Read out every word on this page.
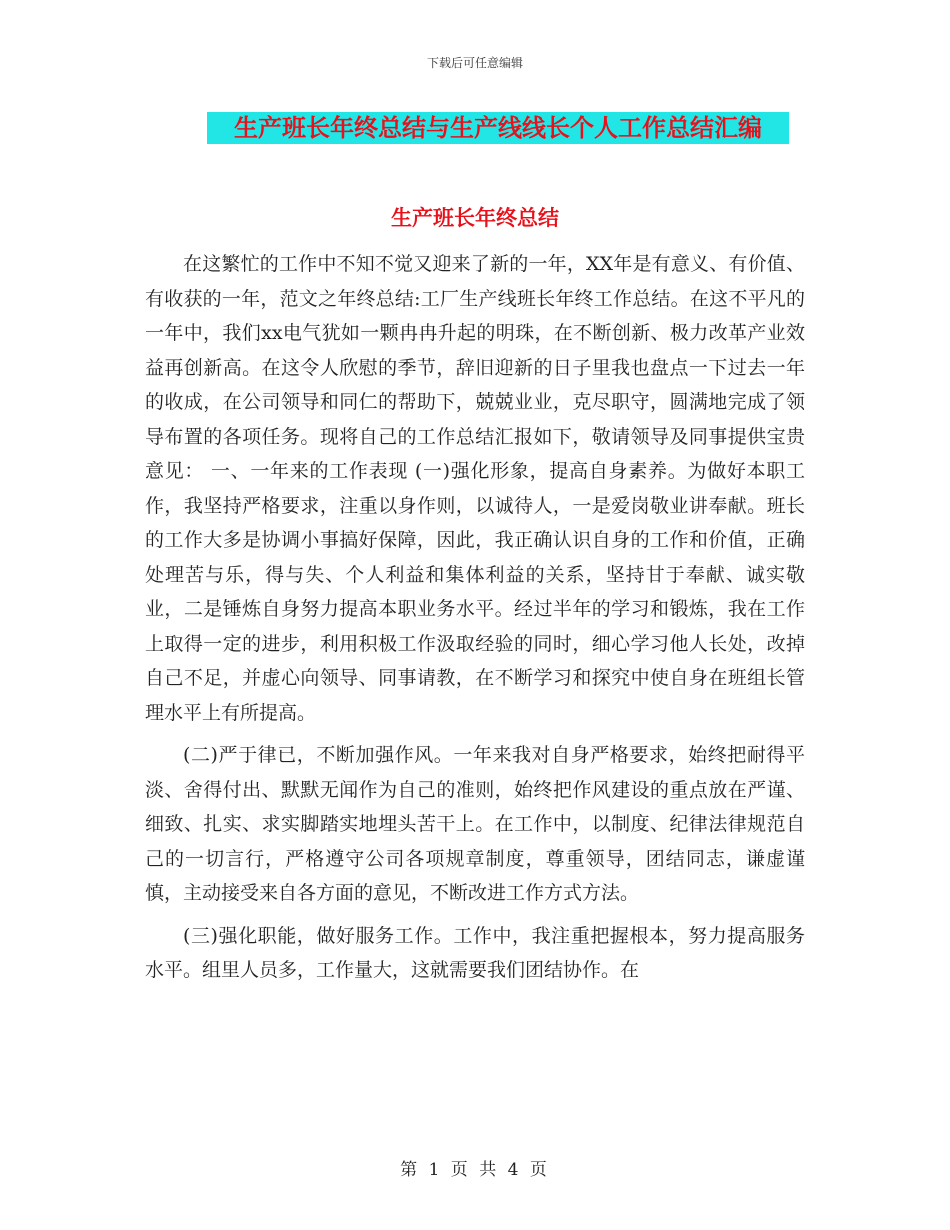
下载后可任意编辑
生产班长年终总结与生产线线长个人工作总结汇编
生产班长年终总结

在这繁忙的工作中不知不觉又迎来了新的一年，XX年是有意义、有价值、有收获的一年，范文之年终总结:工厂生产线班长年终工作总结。在这不平凡的一年中，我们xx电气犹如一颗冉冉升起的明珠，在不断创新、极力改革产业效益再创新高。在这令人欣慰的季节，辞旧迎新的日子里我也盘点一下过去一年的收成，在公司领导和同仁的帮助下，兢兢业业，克尽职守，圆满地完成了领导布置的各项任务。现将自己的工作总结汇报如下，敬请领导及同事提供宝贵意见： 一、一年来的工作表现 (一)强化形象，提高自身素养。为做好本职工作，我坚持严格要求，注重以身作则，以诚待人，一是爱岗敬业讲奉献。班长的工作大多是协调小事搞好保障，因此，我正确认识自身的工作和价值，正确处理苦与乐，得与失、个人利益和集体利益的关系，坚持甘于奉献、诚实敬业，二是锤炼自身努力提高本职业务水平。经过半年的学习和锻炼，我在工作上取得一定的进步，利用积极工作汲取经验的同时，细心学习他人长处，改掉自己不足，并虚心向领导、同事请教，在不断学习和探究中使自身在班组长管理水平上有所提高。

(二)严于律已，不断加强作风。一年来我对自身严格要求，始终把耐得平淡、舍得付出、默默无闻作为自己的准则，始终把作风建设的重点放在严谨、细致、扎实、求实脚踏实地埋头苦干上。在工作中，以制度、纪律法律规范自己的一切言行，严格遵守公司各项规章制度，尊重领导，团结同志，谦虚谨慎，主动接受来自各方面的意见，不断改进工作方式方法。

(三)强化职能，做好服务工作。工作中，我注重把握根本，努力提高服务水平。组里人员多，工作量大，这就需要我们团结协作。在

第 1 页 共 4 页
